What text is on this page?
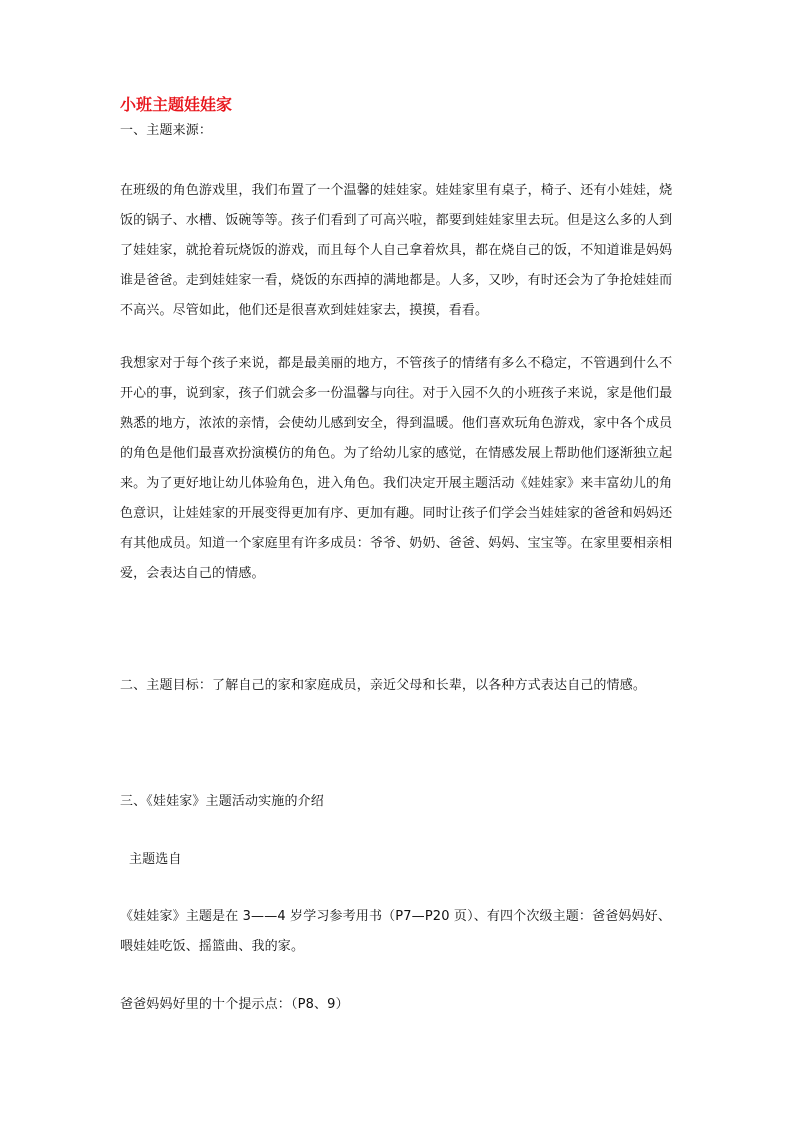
小班主题娃娃家
一、主题来源：
在班级的角色游戏里，我们布置了一个温馨的娃娃家。娃娃家里有桌子，椅子、还有小娃娃，烧
饭的锅子、水槽、饭碗等等。孩子们看到了可高兴啦，都要到娃娃家里去玩。但是这么多的人到
了娃娃家，就抢着玩烧饭的游戏，而且每个人自己拿着炊具，都在烧自己的饭，不知道谁是妈妈
谁是爸爸。走到娃娃家一看，烧饭的东西掉的满地都是。人多，又吵，有时还会为了争抢娃娃而
不高兴。尽管如此，他们还是很喜欢到娃娃家去，摸摸，看看。
我想家对于每个孩子来说，都是最美丽的地方，不管孩子的情绪有多么不稳定，不管遇到什么不
开心的事，说到家，孩子们就会多一份温馨与向往。对于入园不久的小班孩子来说，家是他们最
熟悉的地方，浓浓的亲情，会使幼儿感到安全，得到温暖。他们喜欢玩角色游戏，家中各个成员
的角色是他们最喜欢扮演模仿的角色。为了给幼儿家的感觉，在情感发展上帮助他们逐渐独立起
来。为了更好地让幼儿体验角色，进入角色。我们决定开展主题活动《娃娃家》来丰富幼儿的角
色意识，让娃娃家的开展变得更加有序、更加有趣。同时让孩子们学会当娃娃家的爸爸和妈妈还
有其他成员。知道一个家庭里有许多成员：爷爷、奶奶、爸爸、妈妈、宝宝等。在家里要相亲相
爱，会表达自己的情感。
二、主题目标：了解自己的家和家庭成员，亲近父母和长辈，以各种方式表达自己的情感。
三、《娃娃家》主题活动实施的介绍
主题选自
《娃娃家》主题是在 3——4 岁学习参考用书（P7—P20 页）、有四个次级主题：爸爸妈妈好、
喂娃娃吃饭、摇篮曲、我的家。
爸爸妈妈好里的十个提示点：（P8、9）
